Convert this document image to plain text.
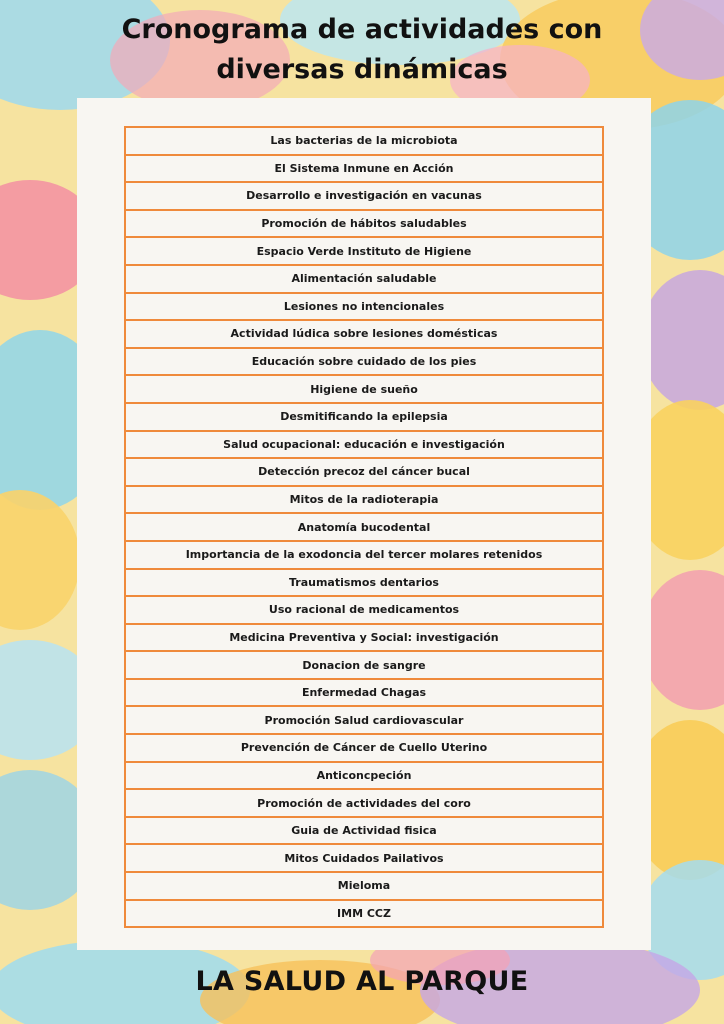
Cronograma de actividades con
diversas dinámicas
Las bacterias de la microbiota
El Sistema Inmune en Acción
Desarrollo e investigación en vacunas
Promoción de hábitos saludables
Espacio Verde Instituto de Higiene
Alimentación saludable
Lesiones no intencionales
Actividad lúdica sobre lesiones domésticas
Educación sobre cuidado de los pies
Higiene de sueño
Desmitificando la epilepsia
Salud ocupacional: educación e investigación
Detección precoz del cáncer bucal
Mitos de la radioterapia
Anatomía bucodental
Importancia de la exodoncia del tercer molares retenidos
Traumatismos dentarios
Uso racional de medicamentos
Medicina Preventiva y Social: investigación
Donacion de sangre
Enfermedad Chagas
Promoción Salud cardiovascular
Prevención de Cáncer de Cuello Uterino
Anticoncpeción
Promoción de actividades del coro
Guia de Actividad fisica
Mitos Cuidados Pailativos
Mieloma
IMM CCZ
LA SALUD AL PARQUE
